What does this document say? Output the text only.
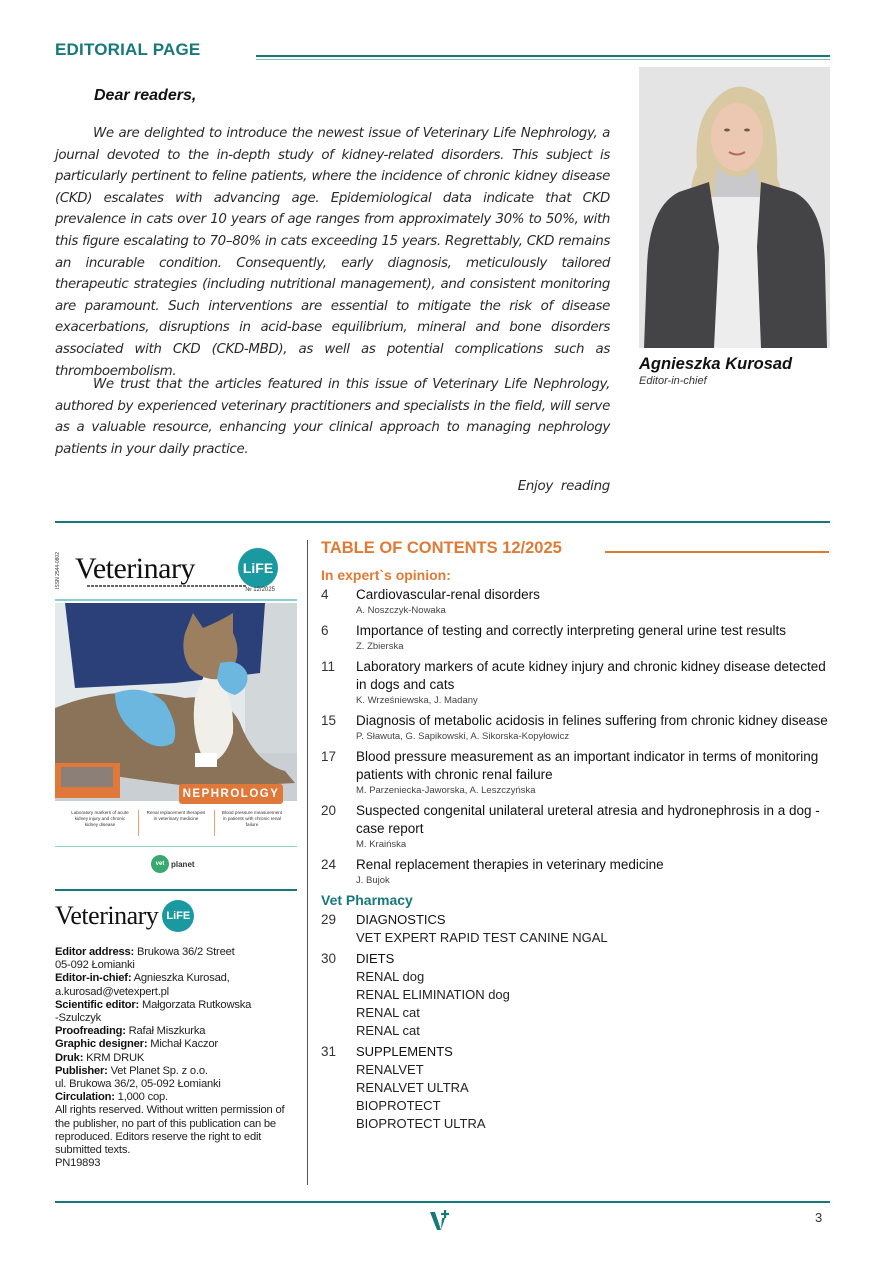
EDITORIAL PAGE
Dear readers,

We are delighted to introduce the newest issue of Veterinary Life Nephrology, a journal devoted to the in-depth study of kidney-related disorders. This subject is particularly pertinent to feline patients, where the incidence of chronic kidney disease (CKD) escalates with advancing age. Epidemiological data indicate that CKD prevalence in cats over 10 years of age ranges from approximately 30% to 50%, with this figure escalating to 70–80% in cats exceeding 15 years. Regrettably, CKD remains an incurable condition. Consequently, early diagnosis, meticulously tailored therapeutic strategies (including nutritional management), and consistent monitoring are paramount. Such interventions are essential to mitigate the risk of disease exacerbations, disruptions in acid-base equilibrium, mineral and bone disorders associated with CKD (CKD-MBD), as well as potential complications such as thromboembolism.

We trust that the articles featured in this issue of Veterinary Life Nephrology, authored by experienced veterinary practitioners and specialists in the field, will serve as a valuable resource, enhancing your clinical approach to managing nephrology patients in your daily practice.

Enjoy reading
Agnieszka Kurosad
Editor-in-chief
ISSN 2544-0802 Veterinary	LiFE
№ 12/2025
NEPHROLOGY
Laboratory markers of acute kidney injury and chronic kidney disease
Renal replacement therapies in veterinary medicine
Blood pressure measurement in patients with chronic renal failure
vet planet
Veterinary LiFE
Editor address: Brukowa 36/2 Street
05-092 Łomianki
Editor-in-chief: Agnieszka Kurosad,
a.kurosad@vetexpert.pl
Scientific editor: Małgorzata Rutkowska
-Szulczyk
Proofreading: Rafał Miszkurka
Graphic designer: Michał Kaczor
Druk: KRM DRUK
Publisher: Vet Planet Sp. z o.o.
ul. Brukowa 36/2, 05-092 Łomianki
Circulation: 1,000 cop.
All rights reserved. Without written permission of the publisher, no part of this publication can be reproduced. Editors reserve the right to edit submitted texts.
PN19893
TABLE OF CONTENTS 12/2025
In expert`s opinion:
4	Cardiovascular-renal disorders
A. Noszczyk-Nowaka
6	Importance of testing and correctly interpreting general urine test results
Z. Zbierska
11	Laboratory markers of acute kidney injury and chronic kidney disease detected in dogs and cats
K. Wrześniewska, J. Madany
15	Diagnosis of metabolic acidosis in felines suffering from chronic kidney disease
P. Sławuta, G. Sapikowski, A. Sikorska-Kopyłowicz
17	Blood pressure measurement as an important indicator in terms of monitoring patients with chronic renal failure
M. Parzeniecka-Jaworska, A. Leszczyńska
20	Suspected congenital unilateral ureteral atresia and hydronephrosis in a dog - case report
M. Kraińska
24	Renal replacement therapies in veterinary medicine
J. Bujok
Vet Pharmacy
29	DIAGNOSTICS
VET EXPERT RAPID TEST CANINE NGAL
30	DIETS
RENAL dog
RENAL ELIMINATION dog
RENAL cat
RENAL cat
31	SUPPLEMENTS
RENALVET
RENALVET ULTRA
BIOPROTECT
BIOPROTECT ULTRA
3
